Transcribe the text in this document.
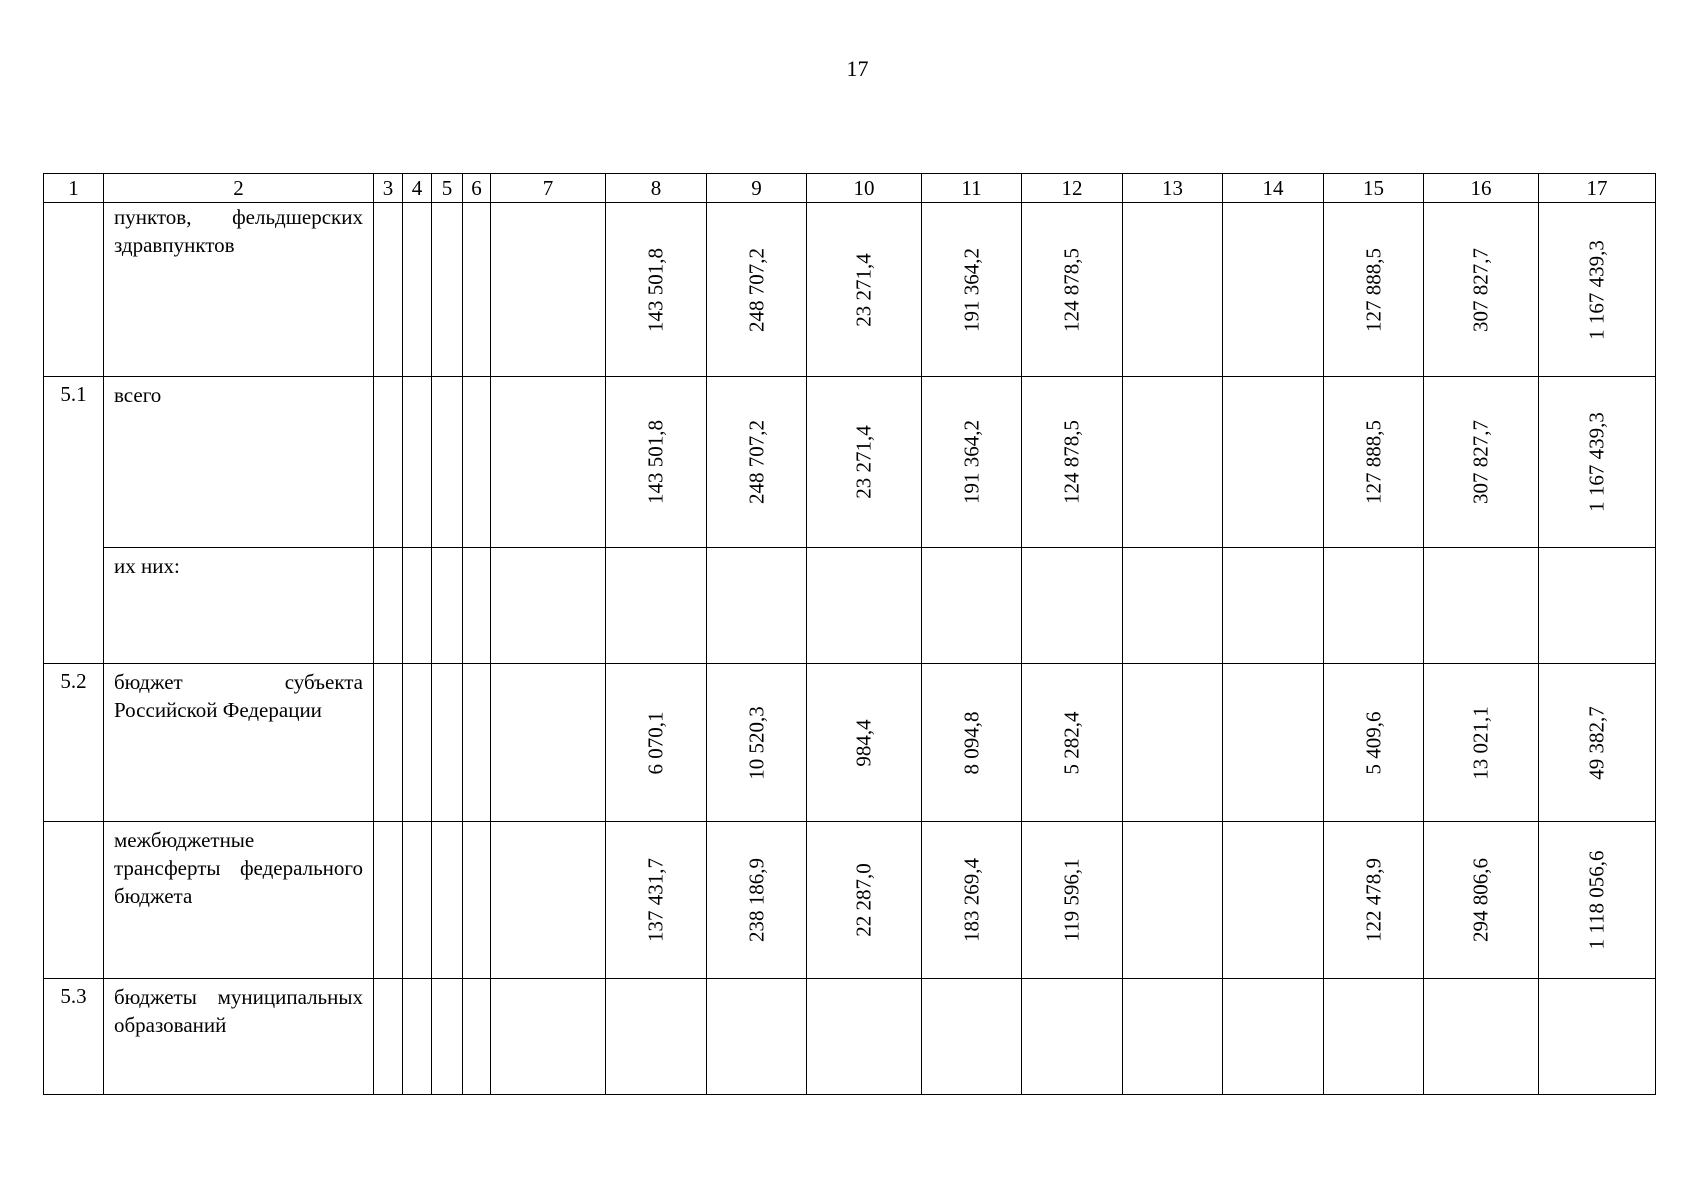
17
1	2	3	4	5	6	7	8	9	10	11	12	13	14	15	16	17
	пунктов, фельдшерских здравпунктов						143 501,8	248 707,2	23 271,4	191 364,2	124 878,5			127 888,5	307 827,7	1 167 439,3

5.1	всего						143 501,8	248 707,2	23 271,4	191 364,2	124 878,5			127 888,5	307 827,7	1 167 439,3

	их них:						

5.2	бюджет субъекта Российской Федерации						6 070,1	10 520,3	984,4	8 094,8	5 282,4			5 409,6	13 021,1	49 382,7

	межбюджетные трансферты федерального бюджета						137 431,7	238 186,9	22 287,0	183 269,4	119 596,1			122 478,9	294 806,6	1 118 056,6

5.3	бюджеты муниципальных образований						
